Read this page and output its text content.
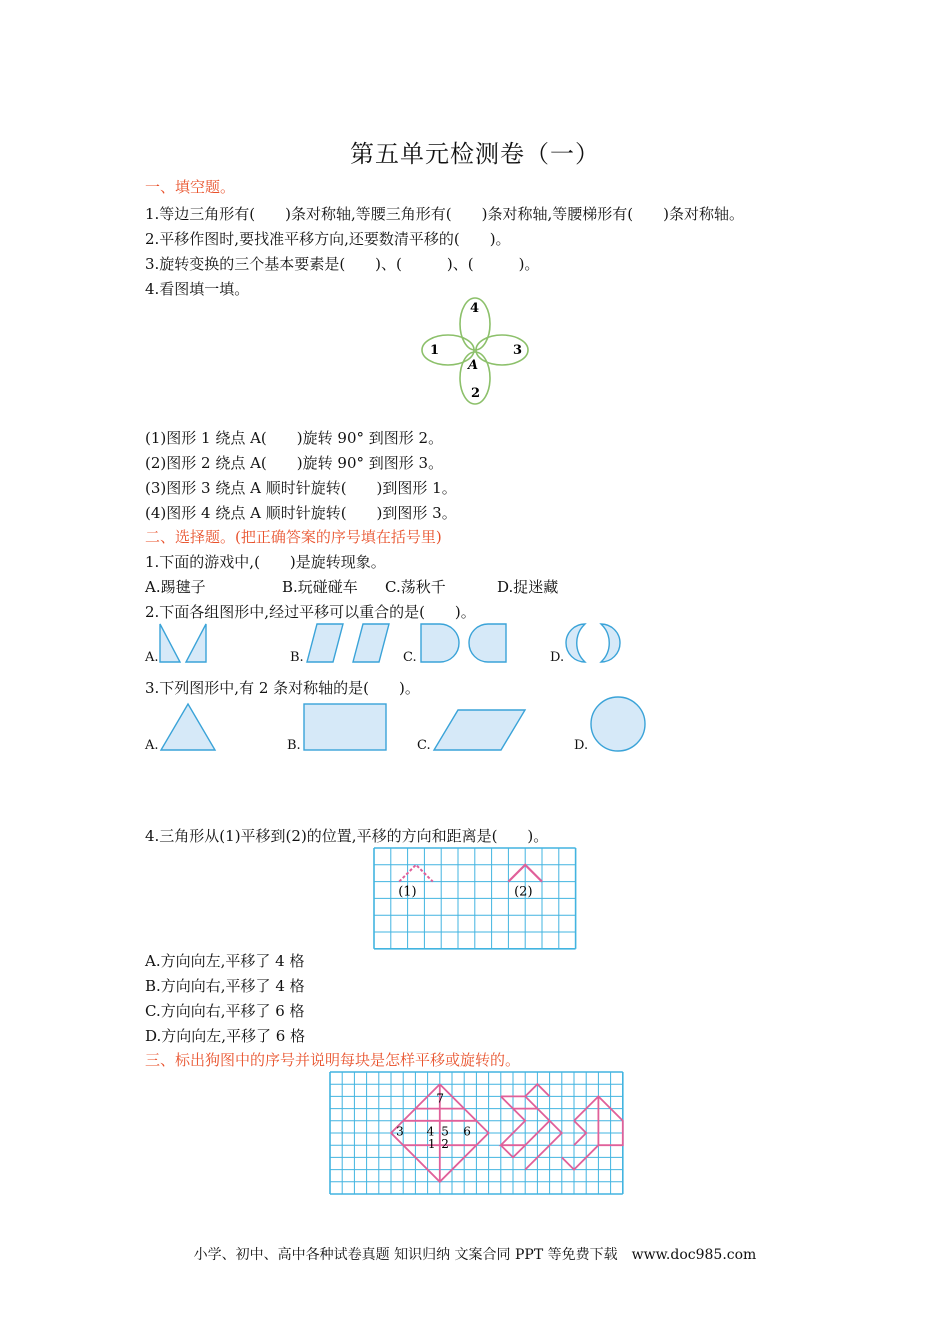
第五单元检测卷（一）
一、填空题。
1.等边三角形有(　　)条对称轴,等腰三角形有(　　)条对称轴,等腰梯形有(　　)条对称轴。
2.平移作图时,要找准平移方向,还要数清平移的(　　)。
3.旋转变换的三个基本要素是(　　)、(　　　)、(　　　)。
4.看图填一填。
4
1	3
A
2
(1)图形 1 绕点 A(　　)旋转 90° 到图形 2。
(2)图形 2 绕点 A(　　)旋转 90° 到图形 3。
(3)图形 3 绕点 A 顺时针旋转(　　)到图形 1。
(4)图形 4 绕点 A 顺时针旋转(　　)到图形 3。
二、选择题。(把正确答案的序号填在括号里)
1.下面的游戏中,(　　)是旋转现象。
A.踢毽子	B.玩碰碰车 C.荡秋千	D.捉迷藏
2.下面各组图形中,经过平移可以重合的是(　　)。
A.	B.	C.	D.
3.下列图形中,有 2 条对称轴的是(　　)。
A.	B.	C.	D.
4.三角形从(1)平移到(2)的位置,平移的方向和距离是(　　)。
(1)	(2)
A.方向向左,平移了 4 格
B.方向向右,平移了 4 格
C.方向向右,平移了 6 格
D.方向向左,平移了 6 格
三、标出狗图中的序号并说明每块是怎样平移或旋转的。
7
3 4 5 6
1 2
小学、初中、高中各种试卷真题 知识归纳 文案合同 PPT 等免费下载　www.doc985.com
